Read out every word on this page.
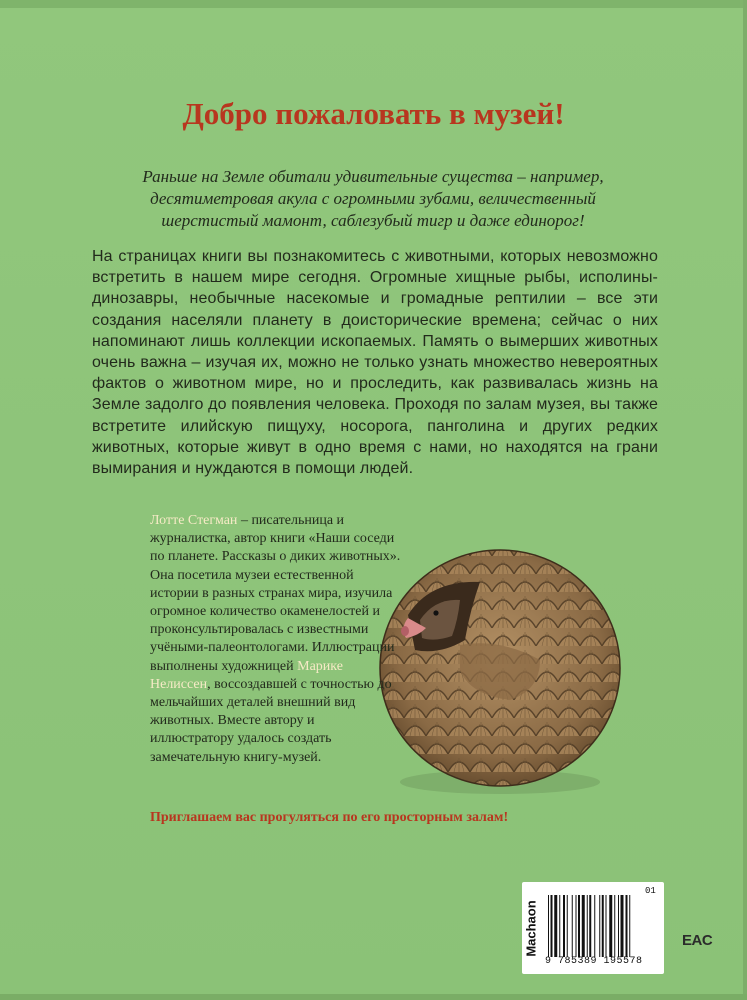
Добро пожаловать в музей!

Раньше на Земле обитали удивительные существа – например, десятиметровая акула с огромными зубами, величественный шерстистый мамонт, саблезубый тигр и даже единорог!

На страницах книги вы познакомитесь с животными, которых невозможно встретить в нашем мире сегодня. Огромные хищные рыбы, исполины-динозавры, необычные насекомые и громадные рептилии – все эти создания населяли планету в доисторические времена; сейчас о них напоминают лишь коллекции ископаемых. Память о вымерших животных очень важна – изучая их, можно не только узнать множество невероятных фактов о животном мире, но и проследить, как развивалась жизнь на Земле задолго до появления человека. Проходя по залам музея, вы также встретите илийскую пищуху, носорога, панголина и других редких животных, которые живут в одно время с нами, но находятся на грани вымирания и нуждаются в помощи людей.

Лотте Стегман – писательница и журналистка, автор книги «Наши соседи по планете. Рассказы о диких животных». Она посетила музеи естественной истории в разных странах мира, изучила огромное количество окаменелостей и проконсультировалась с известными учёными-палеонтологами. Иллюстрации выполнены художницей Марике Нелиссен, воссоздавшей с точностью до мельчайших деталей внешний вид животных. Вместе автору и иллюстратору удалось создать замечательную книгу-музей.

Приглашаем вас прогуляться по его просторным залам!

Machaon
01
9 785389 195578
EAC
